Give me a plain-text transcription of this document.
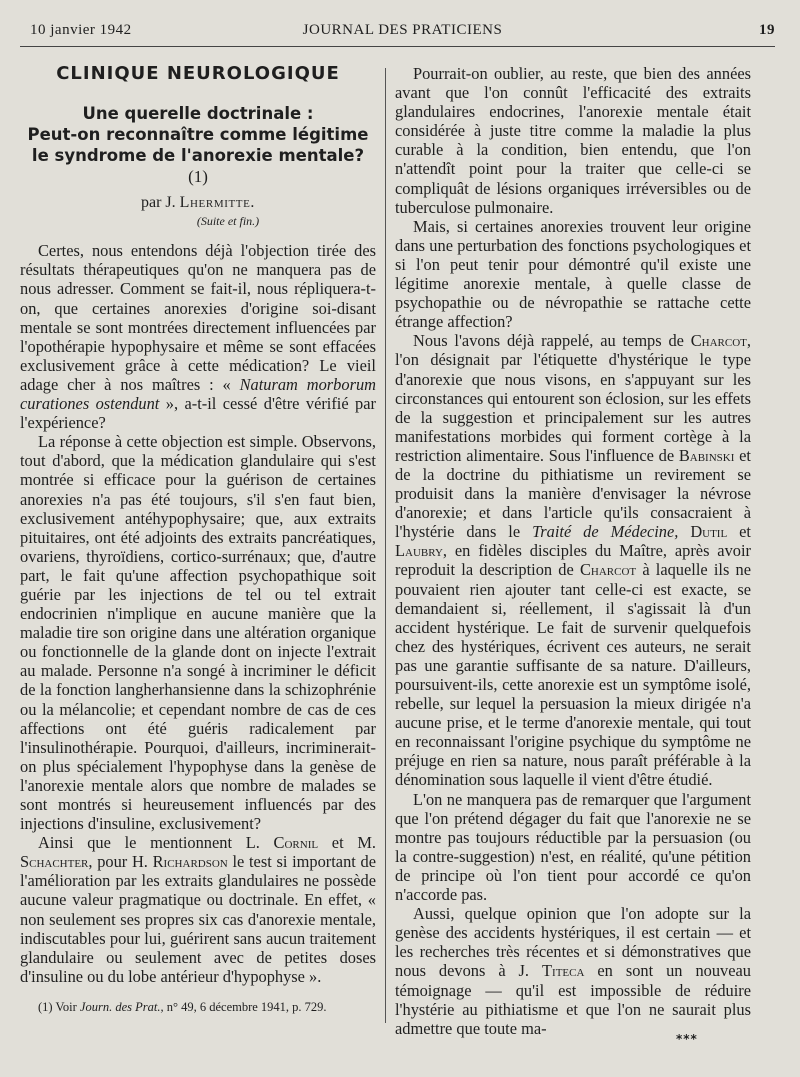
10 janvier 1942	JOURNAL DES PRATICIENS	19
CLINIQUE NEUROLOGIQUE
Une querelle doctrinale :
Peut-on reconnaître comme légitime
le syndrome de l'anorexie mentale? (1)
par J. Lhermitte.
(Suite et fin.)

Certes, nous entendons déjà l'objection tirée des résultats thérapeutiques qu'on ne manquera pas de nous adresser. Comment se fait-il, nous répliquera-t-on, que certaines anorexies d'origine soi-disant mentale se sont montrées directement influencées par l'opothérapie hypophysaire et même se sont effacées exclusivement grâce à cette médication? Le vieil adage cher à nos maîtres : « Naturam morborum curationes ostendunt », a-t-il cessé d'être vérifié par l'expérience?

La réponse à cette objection est simple. Observons, tout d'abord, que la médication glandulaire qui s'est montrée si efficace pour la guérison de certaines anorexies n'a pas été toujours, s'il s'en faut bien, exclusivement antéhypophysaire; que, aux extraits pituitaires, ont été adjoints des extraits pancréatiques, ovariens, thyroïdiens, cortico-surrénaux; que, d'autre part, le fait qu'une affection psychopathique soit guérie par les injections de tel ou tel extrait endocrinien n'implique en aucune manière que la maladie tire son origine dans une altération organique ou fonctionnelle de la glande dont on injecte l'extrait au malade. Personne n'a songé à incriminer le déficit de la fonction langherhansienne dans la schizophrénie ou la mélancolie; et cependant nombre de cas de ces affections ont été guéris radicalement par l'insulinothérapie. Pourquoi, d'ailleurs, incriminerait-on plus spécialement l'hypophyse dans la genèse de l'anorexie mentale alors que nombre de malades se sont montrés si heureusement influencés par des injections d'insuline, exclusivement?

Ainsi que le mentionnent L. Cornil et M. Schachter, pour H. Richardson le test si important de l'amélioration par les extraits glandulaires ne possède aucune valeur pragmatique ou doctrinale. En effet, « non seulement ses propres six cas d'anorexie mentale, indiscutables pour lui, guérirent sans aucun traitement glandulaire ou seulement avec de petites doses d'insuline ou du lobe antérieur d'hypophyse ».

Pourrait-on oublier, au reste, que bien des années avant que l'on connût l'efficacité des extraits glandulaires endocrines, l'anorexie mentale était considérée à juste titre comme la maladie la plus curable à la condition, bien entendu, que l'on n'attendît point pour la traiter que celle-ci se compliquât de lésions organiques irréversibles ou de tuberculose pulmonaire.

Mais, si certaines anorexies trouvent leur origine dans une perturbation des fonctions psychologiques et si l'on peut tenir pour démontré qu'il existe une légitime anorexie mentale, à quelle classe de psychopathie ou de névropathie se rattache cette étrange affection?

Nous l'avons déjà rappelé, au temps de Charcot, l'on désignait par l'étiquette d'hystérique le type d'anorexie que nous visons, en s'appuyant sur les circonstances qui entourent son éclosion, sur les effets de la suggestion et principalement sur les autres manifestations morbides qui forment cortège à la restriction alimentaire. Sous l'influence de Babinski et de la doctrine du pithiatisme un revirement se produisit dans la manière d'envisager la névrose d'anorexie; et dans l'article qu'ils consacraient à l'hystérie dans le Traité de Médecine, Dutil et Laubry, en fidèles disciples du Maître, après avoir reproduit la description de Charcot à laquelle ils ne pouvaient rien ajouter tant celle-ci est exacte, se demandaient si, réellement, il s'agissait là d'un accident hystérique. Le fait de survenir quelquefois chez des hystériques, écrivent ces auteurs, ne serait pas une garantie suffisante de sa nature. D'ailleurs, poursuivent-ils, cette anorexie est un symptôme isolé, rebelle, sur lequel la persuasion la mieux dirigée n'a aucune prise, et le terme d'anorexie mentale, qui tout en reconnaissant l'origine psychique du symptôme ne préjuge en rien sa nature, nous paraît préférable à la dénomination sous laquelle il vient d'être étudié.

L'on ne manquera pas de remarquer que l'argument que l'on prétend dégager du fait que l'anorexie ne se montre pas toujours réductible par la persuasion (ou la contre-suggestion) n'est, en réalité, qu'une pétition de principe où l'on tient pour accordé ce qu'on n'accorde pas.

Aussi, quelque opinion que l'on adopte sur la genèse des accidents hystériques, il est certain — et les recherches très récentes et si démonstratives que nous devons à J. Titeca en sont un nouveau témoignage — qu'il est impossible de réduire l'hystérie au pithiatisme et que l'on ne saurait plus admettre que toute ma-

(1) Voir Journ. des Prat., n° 49, 6 décembre 1941, p. 729.
***
